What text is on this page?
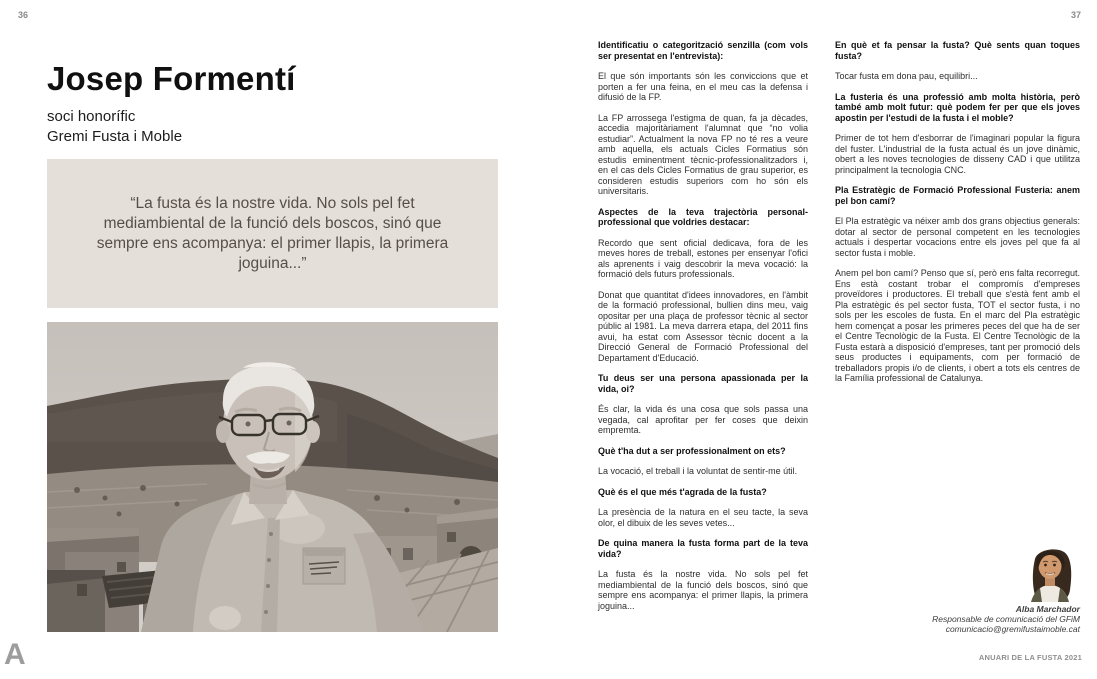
36	37
Josep Formentí
soci honorífic
Gremi Fusta i Moble

“La fusta és la nostre vida. No sols pel fet mediambiental de la funció dels boscos, sinó que sempre ens acompanya: el primer llapis, la primera joguina...”

Identificatiu o categorització senzilla (com vols ser presentat en l'entrevista):

El que són importants són les conviccions que et porten a fer una feina, en el meu cas la defensa i difusió de la FP.

La FP arrossega l'estigma de quan, fa ja dècades, accedia majoritàriament l'alumnat que “no volia estudiar”. Actualment la nova FP no té res a veure amb aquella, els actuals Cicles Formatius són estudis eminentment tècnic-professionalitzadors i, en el cas dels Cicles Formatius de grau superior, es consideren estudis superiors com ho són els universitaris.

Aspectes de la teva trajectòria personal-professional que voldries destacar:

Recordo que sent oficial dedicava, fora de les meves hores de treball, estones per ensenyar l'ofici als aprenents i vaig descobrir la meva vocació: la formació dels futurs professionals.

Donat que quantitat d'idees innovadores, en l'àmbit de la formació professional, bullien dins meu, vaig opositar per una plaça de professor tècnic al sector públic al 1981. La meva darrera etapa, del 2011 fins avui, ha estat com Assessor tècnic docent a la Direcció General de Formació Professional del Departament d'Educació.

Tu deus ser una persona apassionada per la vida, oi?

És clar, la vida és una cosa que sols passa una vegada, cal aprofitar per fer coses que deixin empremta.

Què t'ha dut a ser professionalment on ets?

La vocació, el treball i la voluntat de sentir-me útil.

Què és el que més t'agrada de la fusta?

La presència de la natura en el seu tacte, la seva olor, el dibuix de les seves vetes...

De quina manera la fusta forma part de la teva vida?

La fusta és la nostre vida. No sols pel fet mediambiental de la funció dels boscos, sinó que sempre ens acompanya: el primer llapis, la primera joguina...

En què et fa pensar la fusta? Què sents quan toques fusta?

Tocar fusta em dona pau, equilibri...

La fusteria és una professió amb molta història, però també amb molt futur: què podem fer per que els joves apostin per l'estudi de la fusta i el moble?

Primer de tot hem d'esborrar de l'imaginari popular la figura del fuster. L'industrial de la fusta actual és un jove dinàmic, obert a les noves tecnologies de disseny CAD i que utilitza principalment la tecnologia CNC.

Pla Estratègic de Formació Professional Fusteria: anem pel bon camí?

El Pla estratègic va néixer amb dos grans objectius generals: dotar al sector de personal competent en les tecnologies actuals i despertar vocacions entre els joves pel que fa al sector fusta i moble.

Anem pel bon camí? Penso que sí, però ens falta recorregut. Ens està costant trobar el compromís d'empreses proveïdores i productores. El treball que s'està fent amb el Pla estratègic és pel sector fusta, TOT el sector fusta, i no sols per les escoles de fusta. En el marc del Pla estratègic hem començat a posar les primeres peces del que ha de ser el Centre Tecnològic de la Fusta. El Centre Tecnològic de la Fusta estarà a disposició d'empreses, tant per promoció dels seus productes i equipaments, com per formació de treballadors propis i/o de clients, i obert a tots els centres de la Família professional de Catalunya.

Alba Marchador
Responsable de comunicació del GFiM
comunicacio@gremifustaimoble.cat
ANUARI DE LA FUSTA 2021
A
